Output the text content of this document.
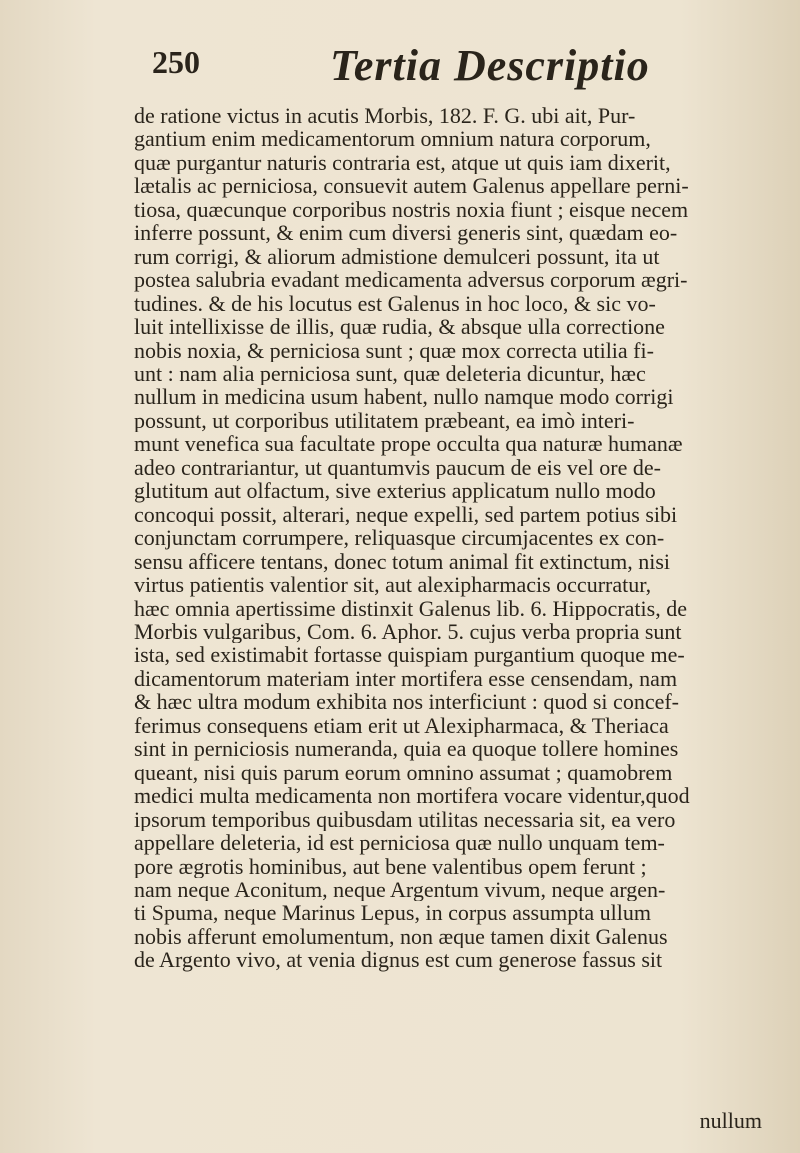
250	Tertia Descriptio
de ratione victus in acutis Morbis, 182. F. G. ubi ait, Pur-
gantium enim medicamentorum omnium natura corporum,
quæ purgantur naturis contraria est, atque ut quis iam dixerit,
lætalis ac perniciosa, consuevit autem Galenus appellare perni-
tiosa, quæcunque corporibus nostris noxia fiunt ; eisque necem
inferre possunt, & enim cum diversi generis sint, quædam eo-
rum corrigi, & aliorum admistione demulceri possunt, ita ut
postea salubria evadant medicamenta adversus corporum ægri-
tudines. & de his locutus est Galenus in hoc loco, & sic vo-
luit intellixisse de illis, quæ rudia, & absque ulla correctione
nobis noxia, & perniciosa sunt ; quæ mox correcta utilia fi-
unt : nam alia perniciosa sunt, quæ deleteria dicuntur, hæc
nullum in medicina usum habent, nullo namque modo corrigi
possunt, ut corporibus utilitatem præbeant, ea imò interi-
munt venefica sua facultate prope occulta qua naturæ humanæ
adeo contrariantur, ut quantumvis paucum de eis vel ore de-
glutitum aut olfactum, sive exterius applicatum nullo modo
concoqui possit, alterari, neque expelli, sed partem potius sibi
conjunctam corrumpere, reliquasque circumjacentes ex con-
sensu afficere tentans, donec totum animal fit extinctum, nisi
virtus patientis valentior sit, aut alexipharmacis occurratur,
hæc omnia apertissime distinxit Galenus lib. 6. Hippocratis, de
Morbis vulgaribus, Com. 6. Aphor. 5. cujus verba propria sunt
ista, sed existimabit fortasse quispiam purgantium quoque me-
dicamentorum materiam inter mortifera esse censendam, nam
& hæc ultra modum exhibita nos interficiunt : quod si concef-
ferimus consequens etiam erit ut Alexipharmaca, & Theriaca
sint in perniciosis numeranda, quia ea quoque tollere homines
queant, nisi quis parum eorum omnino assumat ; quamobrem
medici multa medicamenta non mortifera vocare videntur,quod
ipsorum temporibus quibusdam utilitas necessaria sit, ea vero
appellare deleteria, id est perniciosa quæ nullo unquam tem-
pore ægrotis hominibus, aut bene valentibus opem ferunt ;
nam neque Aconitum, neque Argentum vivum, neque argen-
ti Spuma, neque Marinus Lepus, in corpus assumpta ullum
nobis afferunt emolumentum, non æque tamen dixit Galenus
de Argento vivo, at venia dignus est cum generose fassus sit
nullum
